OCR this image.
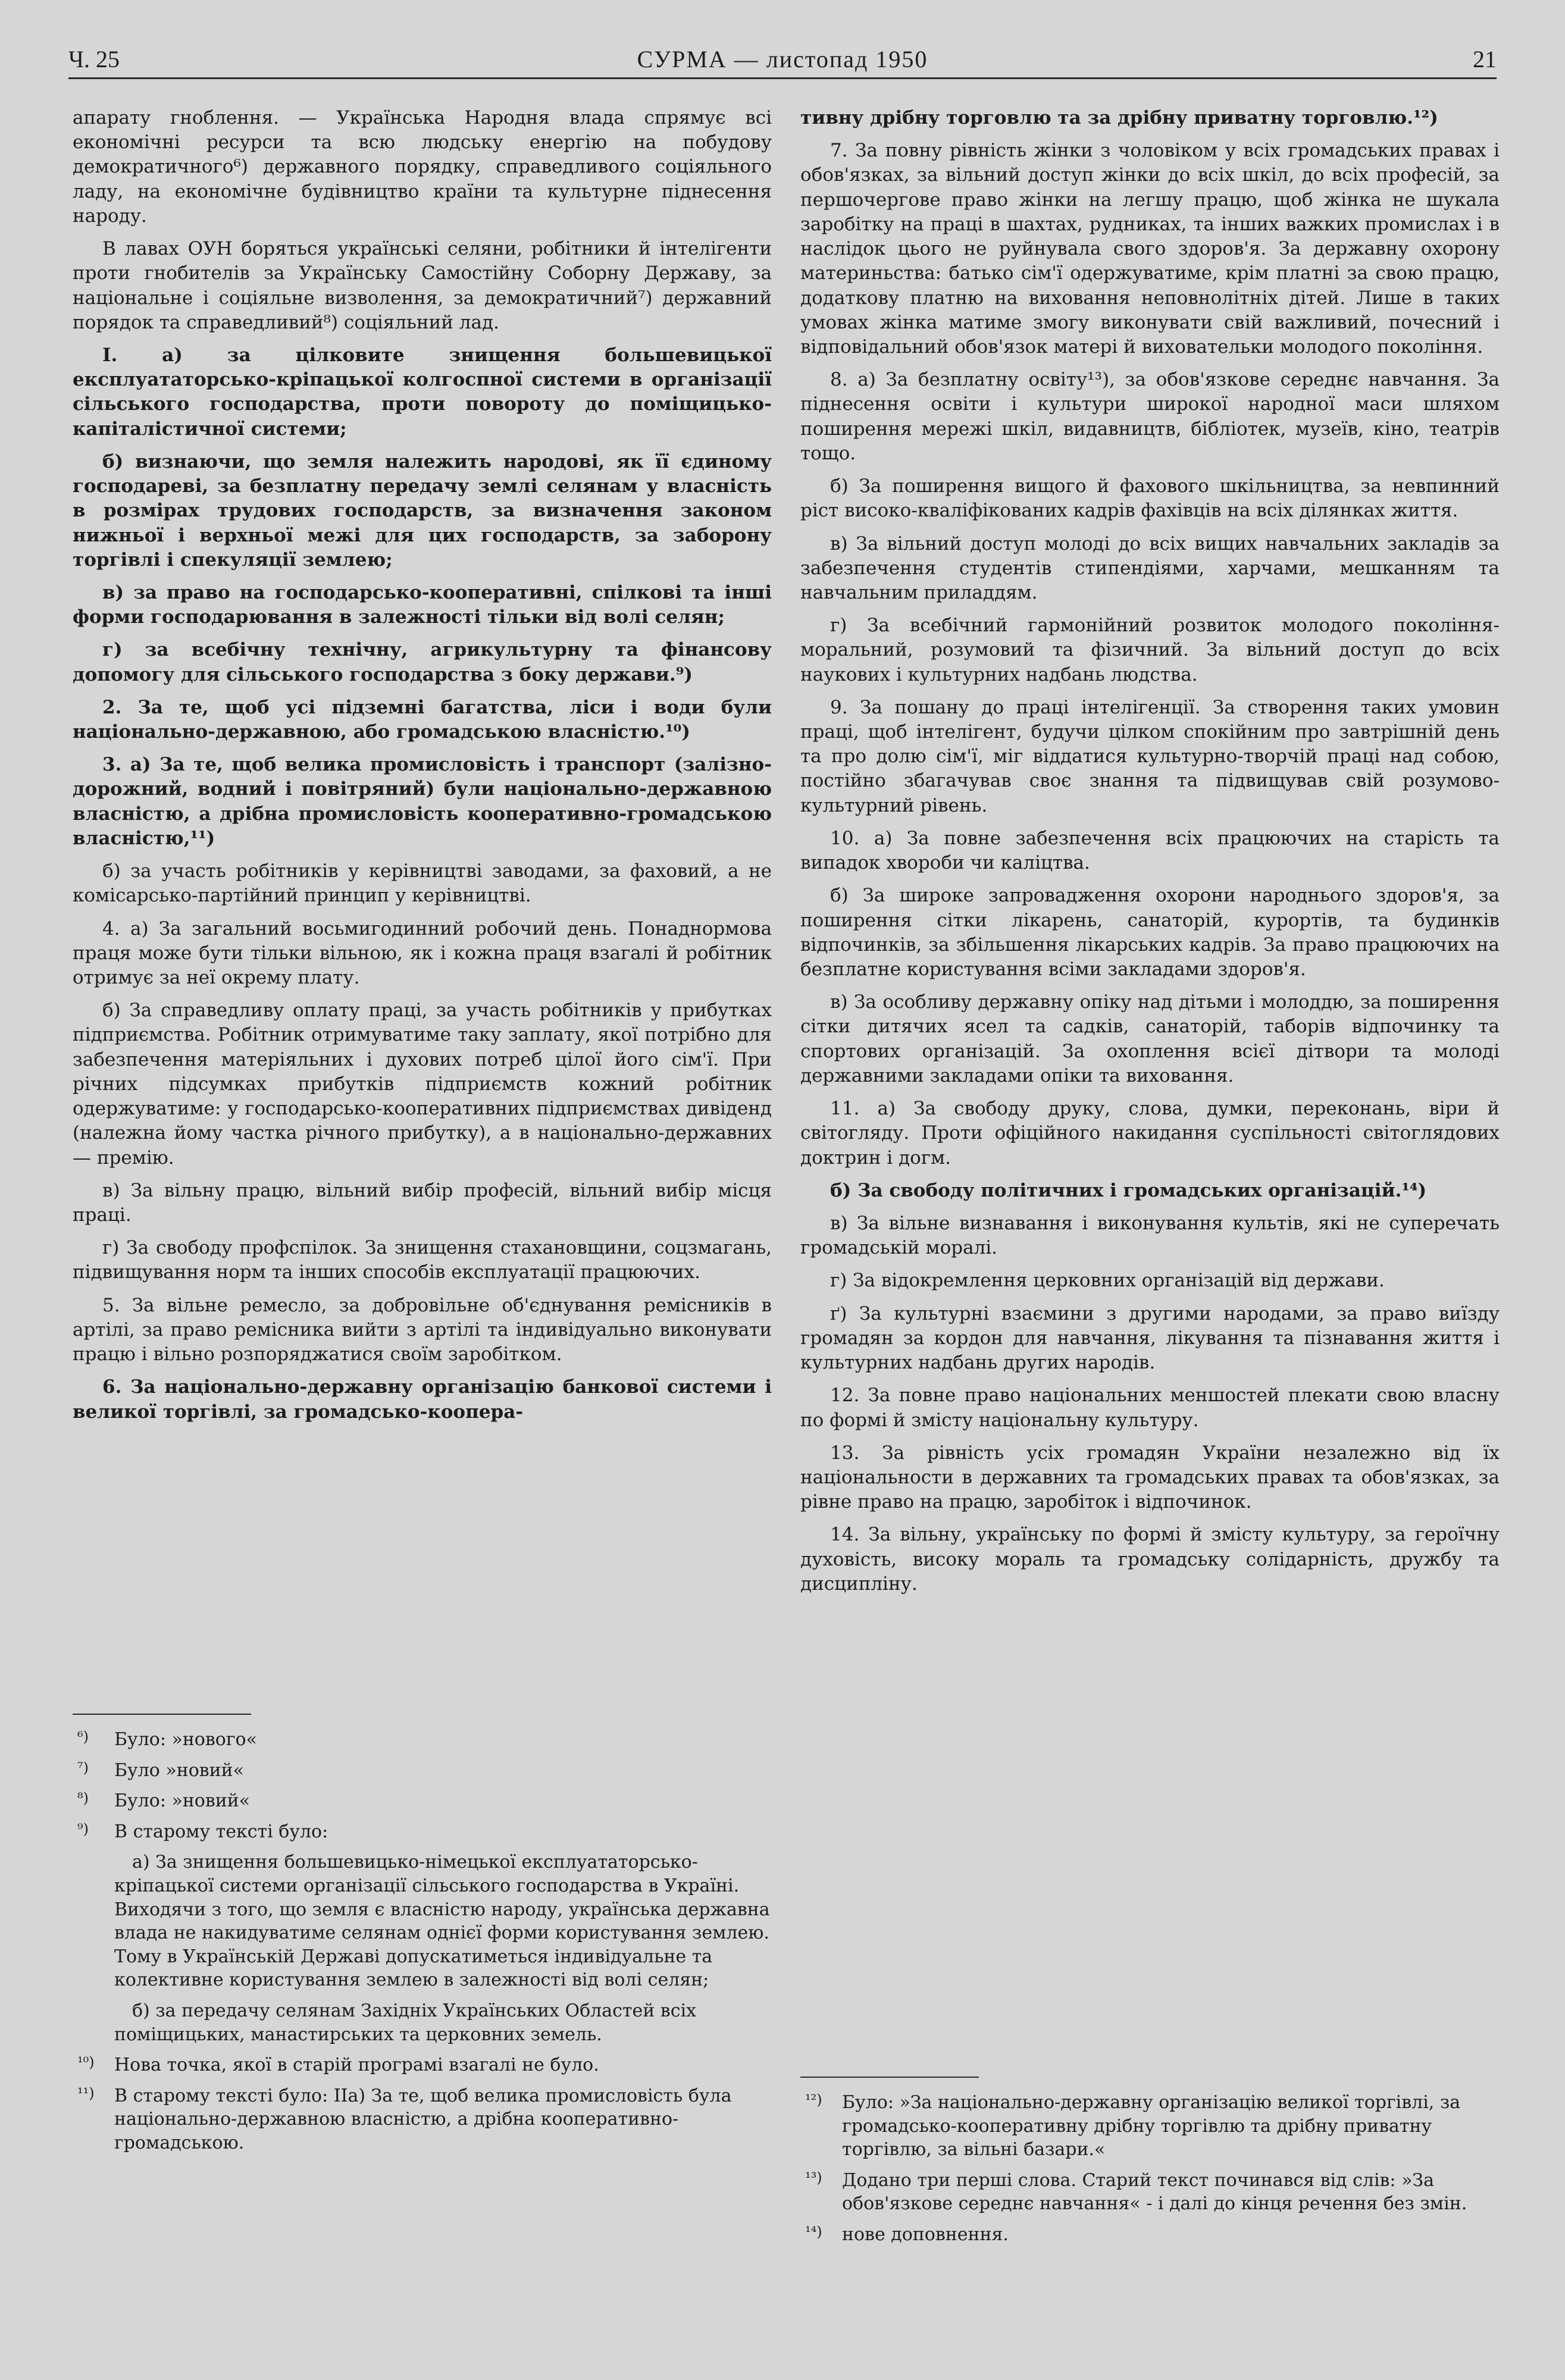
Ч. 25	СУРМА — листопад 1950	21

апарату гноблення. — Українська Народня влада спрямує всі економічні ресурси та всю людську енергію на побудову демократичного⁶) державного порядку, справедливого соціяльного ладу, на економічне будівництво країни та культурне піднесення народу.

В лавах ОУН боряться українські селяни, робітники й інтелігенти проти гнобителів за Українську Самостійну Соборну Державу, за національне і соціяльне визволення, за демократичний⁷) державний порядок та справедливий⁸) соціяльний лад.

І. а) за цілковите знищення большевицької експлуататорсько-кріпацької колгоспної системи в організації сільського господарства, проти повороту до поміщицько-капіталістичної системи;

б) визнаючи, що земля належить народові, як її єдиному господареві, за безплатну передачу землі селянам у власність в розмірах трудових господарств, за визначення законом нижньої і верхньої межі для цих господарств, за заборону торгівлі і спекуляції землею;

в) за право на господарсько-кооперативні, спілкові та інші форми господарювання в залежності тільки від волі селян;

г) за всебічну технічну, агрикультурну та фінансову допомогу для сільського господарства з боку держави.⁹)

2. За те, щоб усі підземні багатства, ліси і води були національно-державною, або громадською власністю.¹⁰)

3. а) За те, щоб велика промисловість і транспорт (залізно-дорожний, водний і повітряний) були національно-державною власністю, а дрібна промисловість кооперативно-громадською власністю,¹¹)

б) за участь робітників у керівництві заводами, за фаховий, а не комісарсько-партійний принцип у керівництві.

4. а) За загальний восьмигодинний робочий день. Понаднормова праця може бути тільки вільною, як і кожна праця взагалі й робітник отримує за неї окрему плату.

б) За справедливу оплату праці, за участь робітників у прибутках підприємства. Робітник отримуватиме таку заплату, якої потрібно для забезпечення матеріяльних і духових потреб цілої його сім'ї. При річних підсумках прибутків підприємств кожний робітник одержуватиме: у господарсько-кооперативних підприємствах дивіденд (належна йому частка річного прибутку), а в національно-державних — премію.

в) За вільну працю, вільний вибір професій, вільний вибір місця праці.

г) За свободу профспілок. За знищення стахановщини, соцзмагань, підвищування норм та інших способів експлуатації працюючих.

5. За вільне ремесло, за добровільне об'єднування ремісників в артілі, за право ремісника вийти з артілі та індивідуально виконувати працю і вільно розпоряджатися своїм заробітком.

6. За національно-державну організацію банкової системи і великої торгівлі, за громадсько-коопера-

тивну дрібну торговлю та за дрібну приватну торговлю.¹²)

7. За повну рівність жінки з чоловіком у всіх громадських правах і обов'язках, за вільний доступ жінки до всіх шкіл, до всіх професій, за першочергове право жінки на легшу працю, щоб жінка не шукала заробітку на праці в шахтах, рудниках, та інших важких промислах і в наслідок цього не руйнувала свого здоров'я. За державну охорону материньства: батько сім'ї одержуватиме, крім платні за свою працю, додаткову платню на виховання неповнолітніх дітей. Лише в таких умовах жінка матиме змогу виконувати свій важливий, почесний і відповідальний обов'язок матері й виховательки молодого покоління.

8. а) За безплатну освіту¹³), за обов'язкове середнє навчання. За піднесення освіти і культури широкої народної маси шляхом поширення мережі шкіл, видавництв, бібліотек, музеїв, кіно, театрів тощо.

б) За поширення вищого й фахового шкільництва, за невпинний ріст високо-кваліфікованих кадрів фахівців на всіх ділянках життя.

в) За вільний доступ молоді до всіх вищих навчальних закладів за забезпечення студентів стипендіями, харчами, мешканням та навчальним приладдям.

г) За всебічний гармонійний розвиток молодого покоління-моральний, розумовий та фізичний. За вільний доступ до всіх наукових і культурних надбань людства.

9. За пошану до праці інтелігенції. За створення таких умовин праці, щоб інтелігент, будучи цілком спокійним про завтрішній день та про долю сім'ї, міг віддатися культурно-творчій праці над собою, постійно збагачував своє знання та підвищував свій розумово-культурний рівень.

10. а) За повне забезпечення всіх працюючих на старість та випадок хвороби чи каліцтва.

б) За широке запровадження охорони народнього здоров'я, за поширення сітки лікарень, санаторій, курортів, та будинків відпочинків, за збільшення лікарських кадрів. За право працюючих на безплатне користування всіми закладами здоров'я.

в) За особливу державну опіку над дітьми і молоддю, за поширення сітки дитячих ясел та садків, санаторій, таборів відпочинку та спортових організацій. За охоплення всієї дітвори та молоді державними закладами опіки та виховання.

11. а) За свободу друку, слова, думки, переконань, віри й світогляду. Проти офіційного накидання суспільності світоглядових доктрин і догм.

б) За свободу політичних і громадських організацій.¹⁴)

в) За вільне визнавання і виконування культів, які не суперечать громадській моралі.

г) За відокремлення церковних організацій від держави.

ґ) За культурні взаємини з другими народами, за право виїзду громадян за кордон для навчання, лікування та пізнавання життя і культурних надбань других народів.

12. За повне право національних меншостей плекати свою власну по формі й змісту національну культуру.

13. За рівність усіх громадян України незалежно від їх національности в державних та громадських правах та обов'язках, за рівне право на працю, заробіток і відпочинок.

14. За вільну, українську по формі й змісту культуру, за героїчну духовість, високу мораль та громадську солідарність, дружбу та дисципліну.

⁶) Було: »нового«
⁷) Було »новий«
⁸) Було: »новий«
⁹) В старому тексті було:
а) За знищення большевицько-німецької експлуататорсько-кріпацької системи організації сільського господарства в Україні. Виходячи з того, що земля є власністю народу, українська державна влада не накидуватиме селянам однієї форми користування землею. Тому в Українській Державі допускатиметься індивідуальне та колективне користування землею в залежності від волі селян;
б) за передачу селянам Західніх Українських Областей всіх поміщицьких, манастирських та церковних земель.
¹⁰) Нова точка, якої в старій програмі взагалі не було.
¹¹) В старому тексті було: ІІа) За те, щоб велика промисловість була національно-державною власністю, а дрібна кооперативно-громадською.
¹²) Було: »За національно-державну організацію великої торгівлі, за громадсько-кооперативну дрібну торгівлю та дрібну приватну торгівлю, за вільні базари.«
¹³) Додано три перші слова. Старий текст починався від слів: »За обов'язкове середнє навчання« - і далі до кінця речення без змін.
¹⁴) нове доповнення.
